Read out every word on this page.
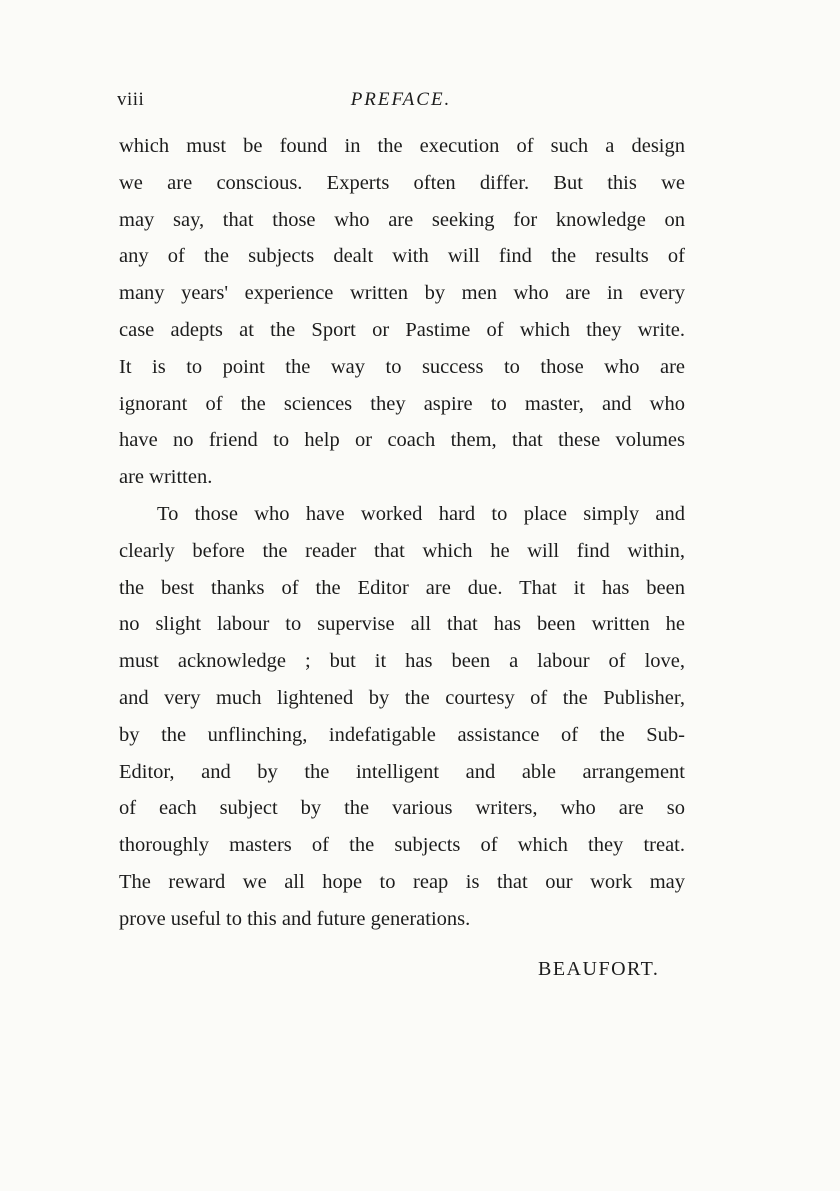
viii	PREFACE.
which must be found in the execution of such a design
we are conscious. Experts often differ. But this we
may say, that those who are seeking for knowledge on
any of the subjects dealt with will find the results of
many years' experience written by men who are in every
case adepts at the Sport or Pastime of which they write.
It is to point the way to success to those who are
ignorant of the sciences they aspire to master, and who
have no friend to help or coach them, that these volumes
are written.
To those who have worked hard to place simply and
clearly before the reader that which he will find within,
the best thanks of the Editor are due. That it has been
no slight labour to supervise all that has been written he
must acknowledge ; but it has been a labour of love,
and very much lightened by the courtesy of the Publisher,
by the unflinching, indefatigable assistance of the Sub-
Editor, and by the intelligent and able arrangement
of each subject by the various writers, who are so
thoroughly masters of the subjects of which they treat.
The reward we all hope to reap is that our work may
prove useful to this and future generations.
BEAUFORT.
